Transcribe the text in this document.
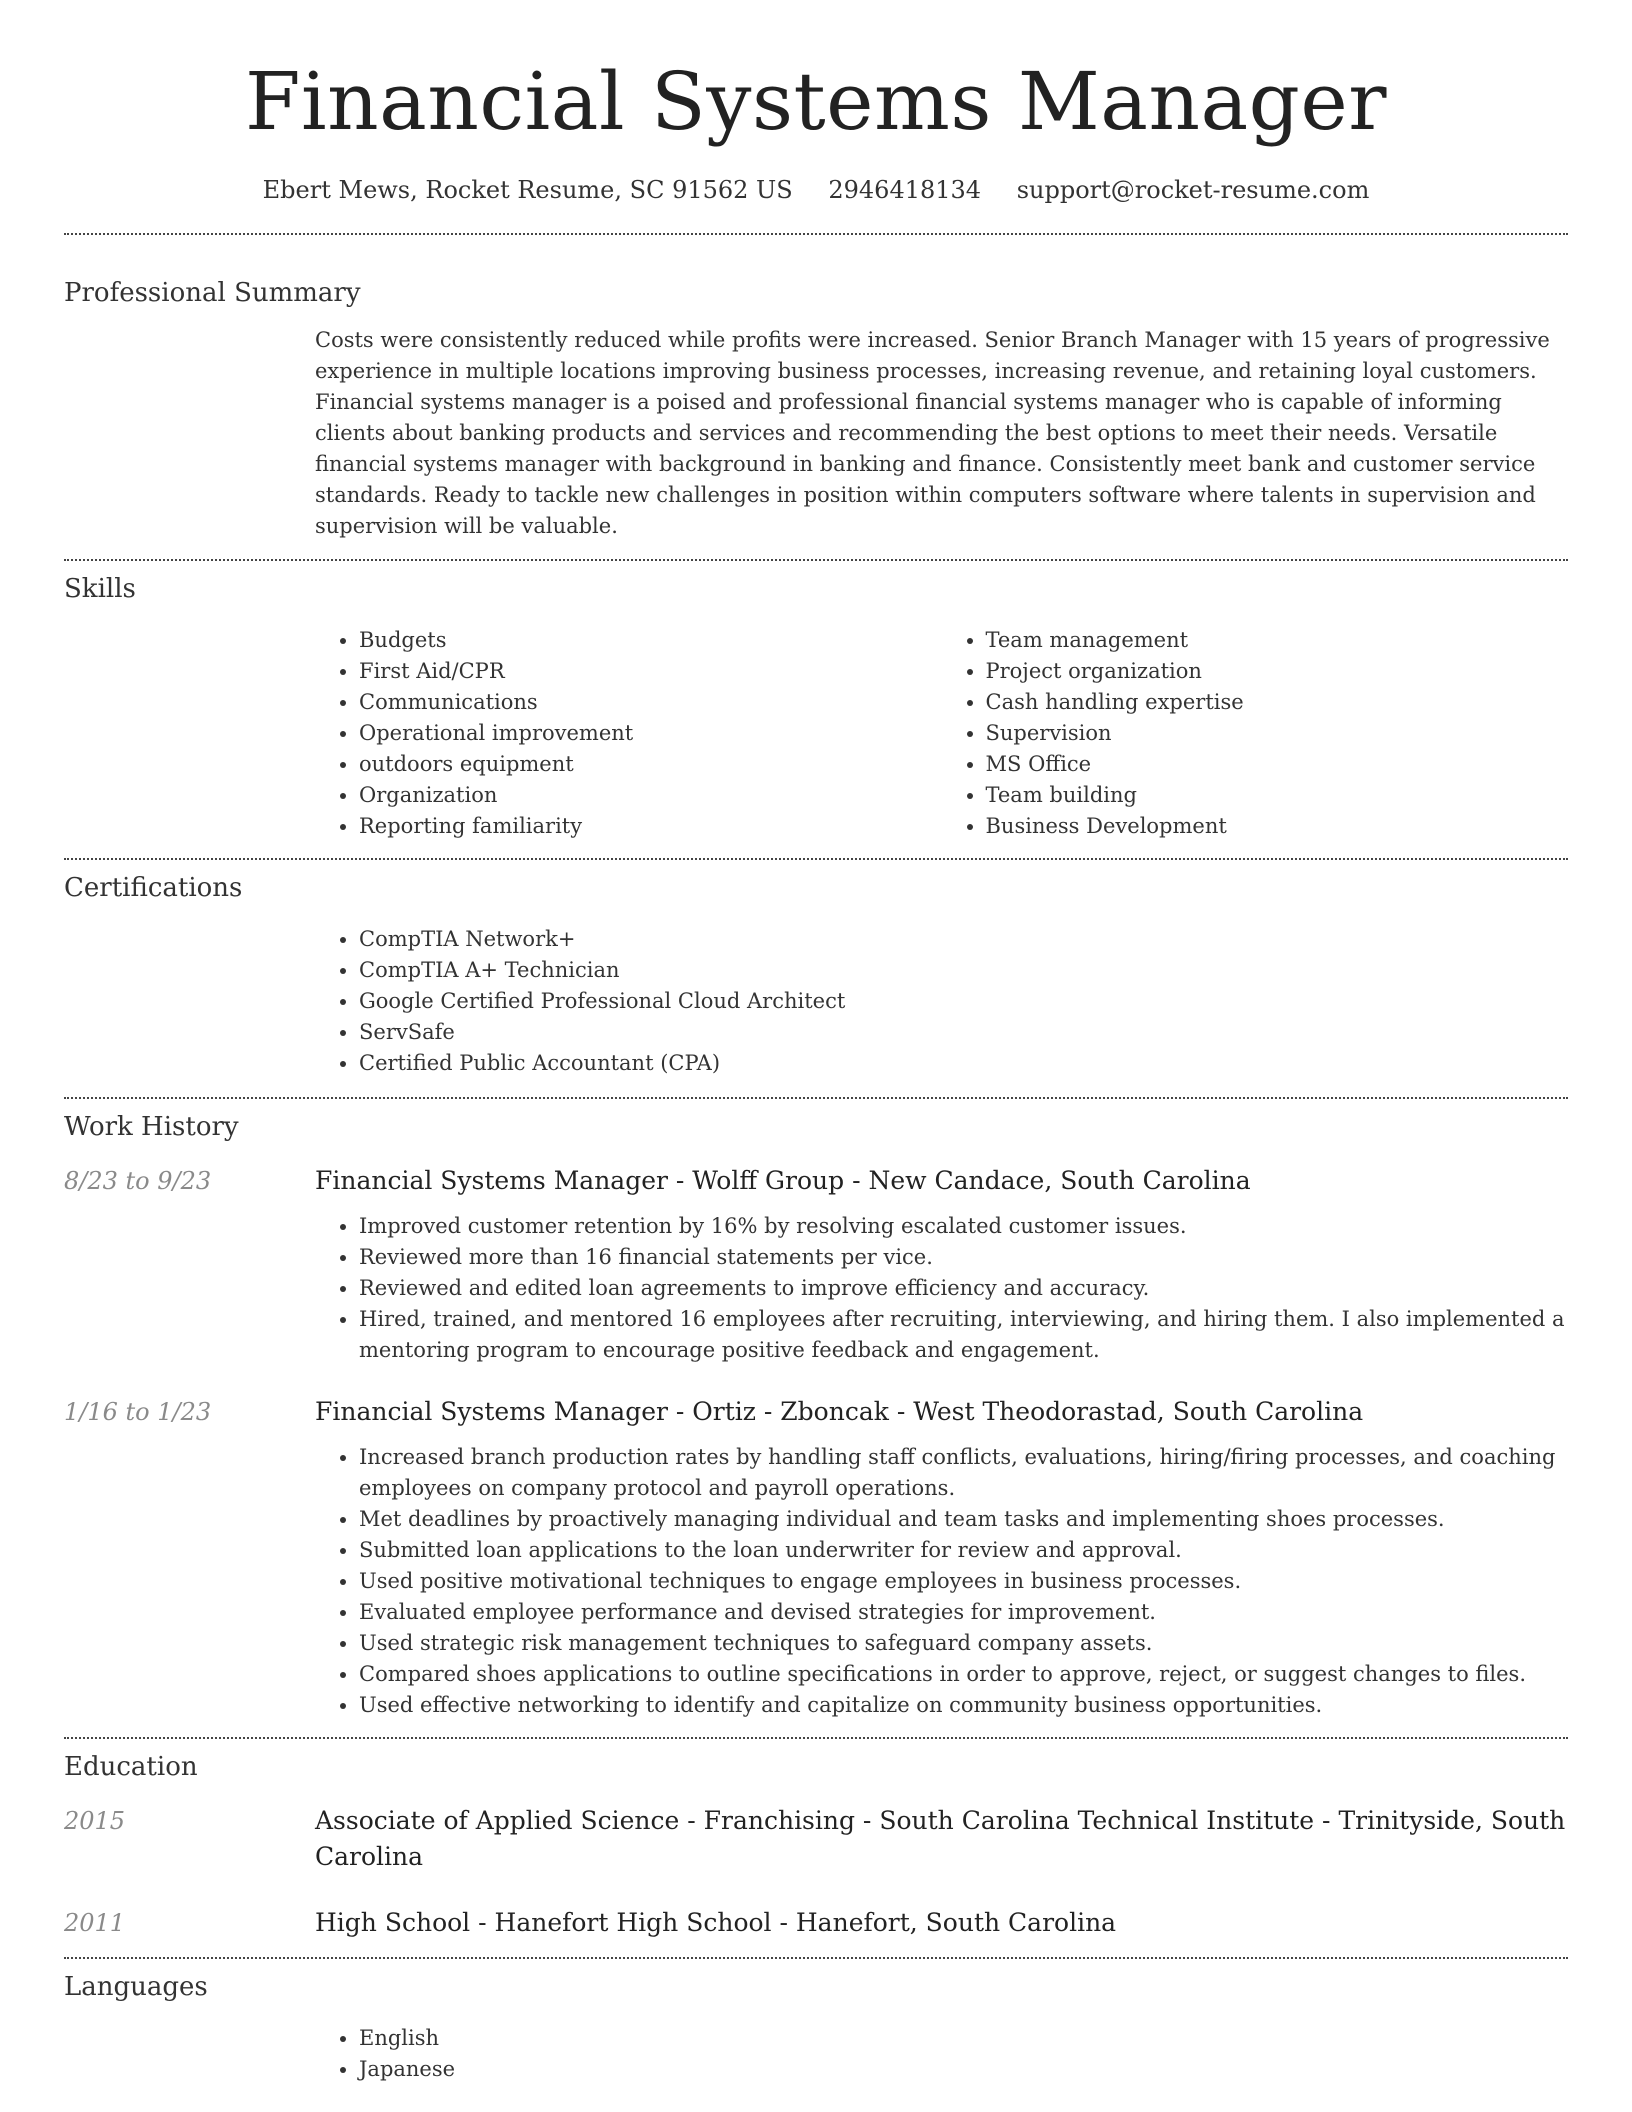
Financial Systems Manager
Ebert Mews, Rocket Resume, SC 91562 US 2946418134 support@rocket-resume.com
Professional Summary

Costs were consistently reduced while profits were increased. Senior Branch Manager with 15 years of progressive experience in multiple locations improving business processes, increasing revenue, and retaining loyal customers. Financial systems manager is a poised and professional financial systems manager who is capable of informing clients about banking products and services and recommending the best options to meet their needs. Versatile financial systems manager with background in banking and finance. Consistently meet bank and customer service standards. Ready to tackle new challenges in position within computers software where talents in supervision and supervision will be valuable.

Skills
• Budgets
• First Aid/CPR
• Communications
• Operational improvement
• outdoors equipment
• Organization
• Reporting familiarity
• Team management
• Project organization
• Cash handling expertise
• Supervision
• MS Office
• Team building
• Business Development
Certifications
• CompTIA Network+
• CompTIA A+ Technician
• Google Certified Professional Cloud Architect
• ServSafe
• Certified Public Accountant (CPA)
Work History
8/23 to 9/23	Financial Systems Manager - Wolff Group - New Candace, South Carolina
• Improved customer retention by 16% by resolving escalated customer issues.
• Reviewed more than 16 financial statements per vice.
• Reviewed and edited loan agreements to improve efficiency and accuracy.
• Hired, trained, and mentored 16 employees after recruiting, interviewing, and hiring them. I also implemented a mentoring program to encourage positive feedback and engagement.
1/16 to 1/23	Financial Systems Manager - Ortiz - Zboncak - West Theodorastad, South Carolina
• Increased branch production rates by handling staff conflicts, evaluations, hiring/firing processes, and coaching employees on company protocol and payroll operations.
• Met deadlines by proactively managing individual and team tasks and implementing shoes processes.
• Submitted loan applications to the loan underwriter for review and approval.
• Used positive motivational techniques to engage employees in business processes.
• Evaluated employee performance and devised strategies for improvement.
• Used strategic risk management techniques to safeguard company assets.
• Compared shoes applications to outline specifications in order to approve, reject, or suggest changes to files.
• Used effective networking to identify and capitalize on community business opportunities.
Education
2015	Associate of Applied Science - Franchising - South Carolina Technical Institute - Trinityside, South Carolina
2011	High School - Hanefort High School - Hanefort, South Carolina
Languages
• English
• Japanese
